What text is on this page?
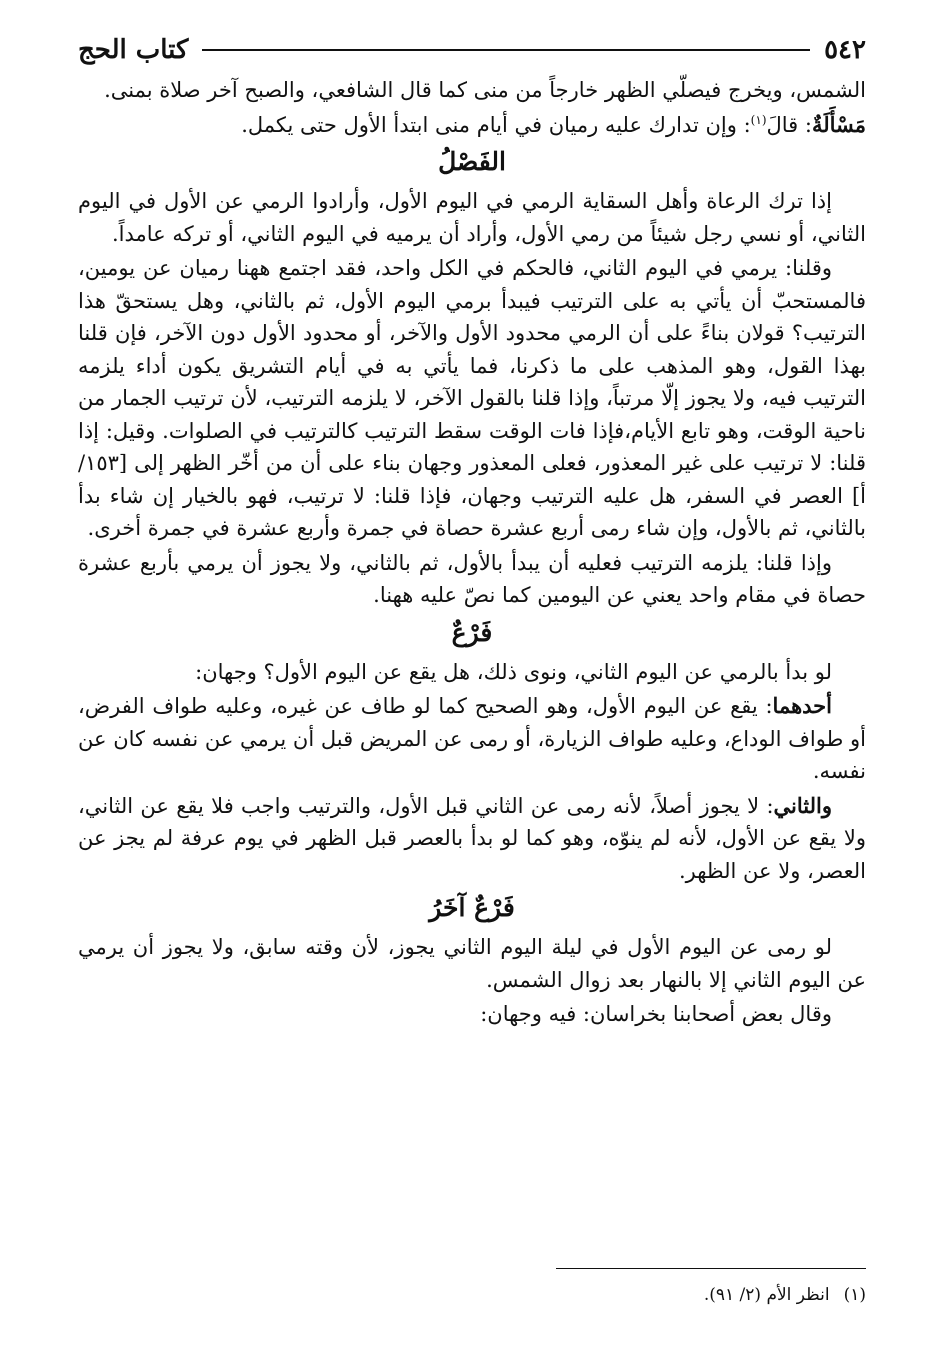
٥٤٢
كتاب الحج

الشمس، ويخرج فيصلّي الظهر خارجاً من منى كما قال الشافعي، والصبح آخر صلاة بمنى.

مَسْأَلَةٌ: قالَ$^{(١)}$: وإن تدارك عليه رميان في أيام منى ابتدأ الأول حتى يكمل.

الفَصْلُ

إذا ترك الرعاة وأهل السقاية الرمي في اليوم الأول، وأرادوا الرمي عن الأول في اليوم الثاني، أو نسي رجل شيئاً من رمي الأول، وأراد أن يرميه في اليوم الثاني، أو تركه عامداً.

وقلنا: يرمي في اليوم الثاني، فالحكم في الكل واحد، فقد اجتمع ههنا رميان عن يومين، فالمستحبّ أن يأتي به على الترتيب فيبدأ برمي اليوم الأول، ثم بالثاني، وهل يستحقّ هذا الترتيب؟ قولان بناءً على أن الرمي محدود الأول والآخر، أو محدود الأول دون الآخر، فإن قلنا بهذا القول، وهو المذهب على ما ذكرنا، فما يأتي به في أيام التشريق يكون أداء يلزمه الترتيب فيه، ولا يجوز إلّا مرتباً، وإذا قلنا بالقول الآخر، لا يلزمه الترتيب، لأن ترتيب الجمار من ناحية الوقت، وهو تابع الأيام،فإذا فات الوقت سقط الترتيب كالترتيب في الصلوات. وقيل: إذا قلنا: لا ترتيب على غير المعذور، فعلى المعذور وجهان بناء على أن من أخّر الظهر إلى [١٥٣/أ] العصر في السفر، هل عليه الترتيب وجهان، فإذا قلنا: لا ترتيب، فهو بالخيار إن شاء بدأ بالثاني، ثم بالأول، وإن شاء رمى أربع عشرة حصاة في جمرة وأربع عشرة في جمرة أخرى.

وإذا قلنا: يلزمه الترتيب فعليه أن يبدأ بالأول، ثم بالثاني، ولا يجوز أن يرمي بأربع عشرة حصاة في مقام واحد يعني عن اليومين كما نصّ عليه ههنا.

فَرْعٌ

لو بدأ بالرمي عن اليوم الثاني، ونوى ذلك، هل يقع عن اليوم الأول؟ وجهان:

أحدهما: يقع عن اليوم الأول، وهو الصحيح كما لو طاف عن غيره، وعليه طواف الفرض، أو طواف الوداع، وعليه طواف الزيارة، أو رمى عن المريض قبل أن يرمي عن نفسه كان عن نفسه.

والثاني: لا يجوز أصلاً، لأنه رمى عن الثاني قبل الأول، والترتيب واجب فلا يقع عن الثاني، ولا يقع عن الأول، لأنه لم ينوّه، وهو كما لو بدأ بالعصر قبل الظهر في يوم عرفة لم يجز عن العصر، ولا عن الظهر.

فَرْعٌ آخَرُ

لو رمى عن اليوم الأول في ليلة اليوم الثاني يجوز، لأن وقته سابق، ولا يجوز أن يرمي عن اليوم الثاني إلا بالنهار بعد زوال الشمس.

وقال بعض أصحابنا بخراسان: فيه وجهان:

(١)انظر الأم (٢/ ٩١).
